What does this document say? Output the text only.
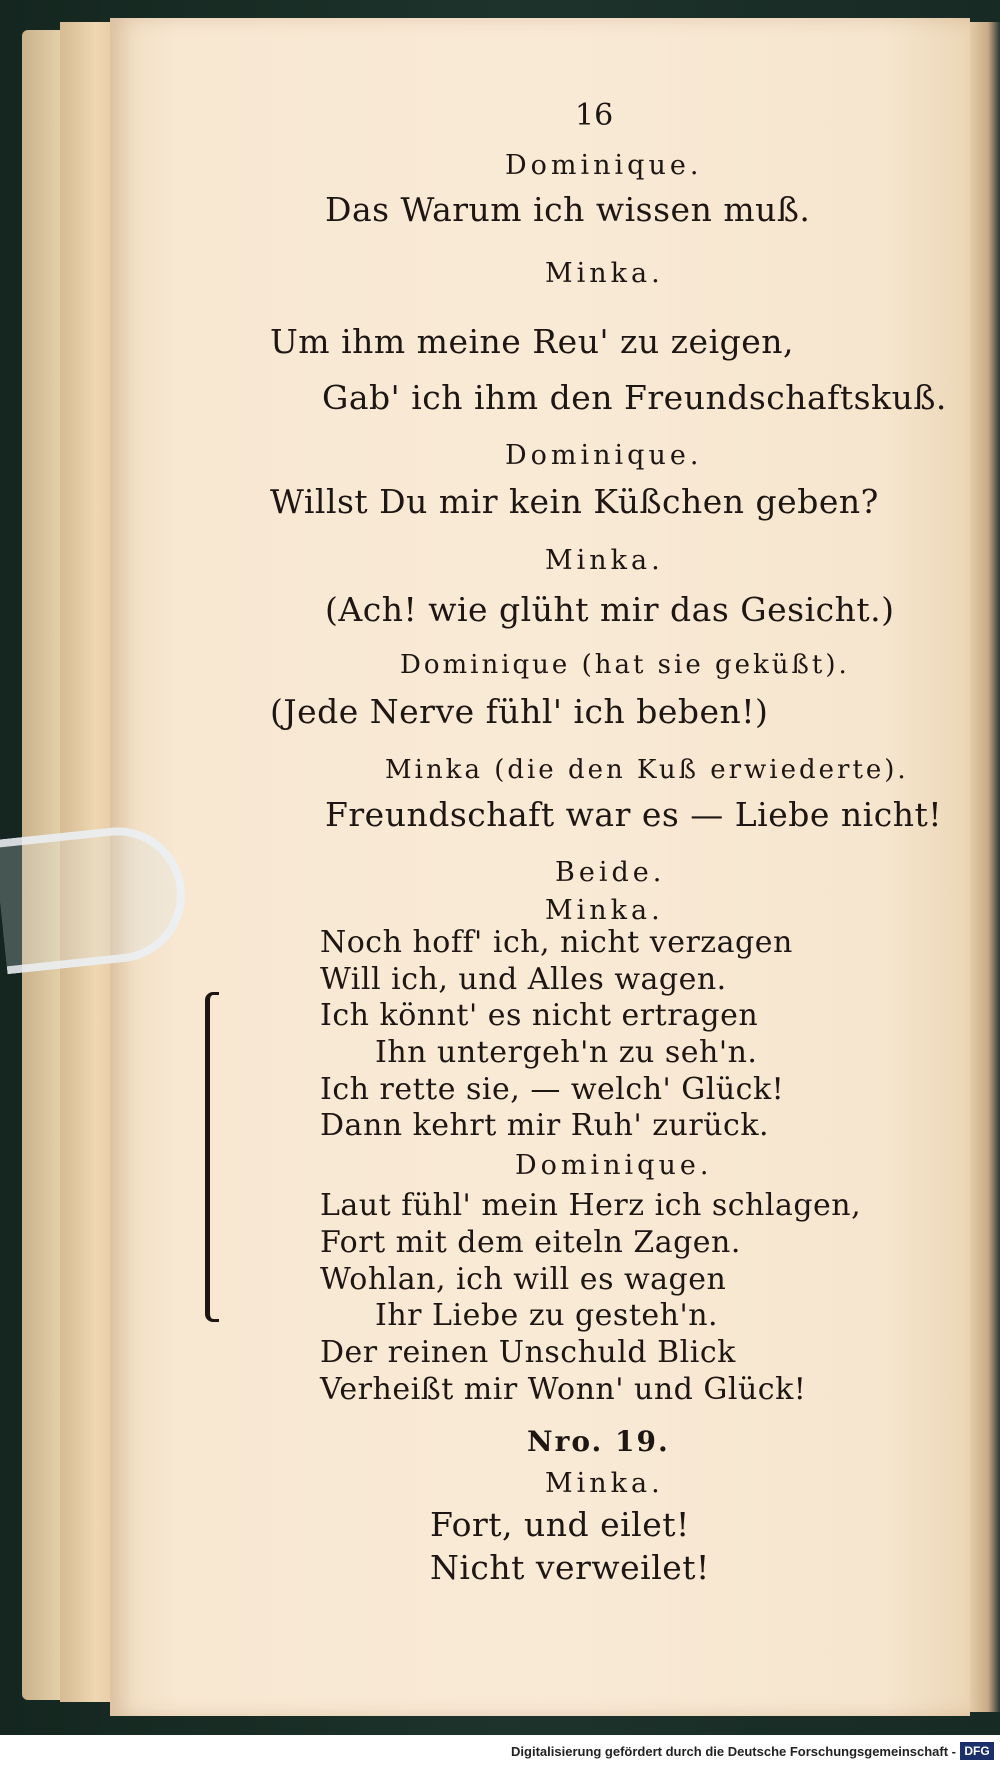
16

Dominique.
Das Warum ich wissen muß.
Minka.
Um ihm meine Reu' zu zeigen,
Gab' ich ihm den Freundschaftskuß.
Dominique.
Willst Du mir kein Küßchen geben?
Minka.
(Ach! wie glüht mir das Gesicht.)
Dominique (hat sie geküßt).
(Jede Nerve fühl' ich beben!)
Minka (die den Kuß erwiederte).
Freundschaft war es — Liebe nicht!
Beide.
Minka.
Noch hoff' ich, nicht verzagen
Will ich, und Alles wagen.
Ich könnt' es nicht ertragen
Ihn untergeh'n zu seh'n.
Ich rette sie, — welch' Glück!
Dann kehrt mir Ruh' zurück.
Dominique.
Laut fühl' mein Herz ich schlagen,
Fort mit dem eiteln Zagen.
Wohlan, ich will es wagen
Ihr Liebe zu gesteh'n.
Der reinen Unschuld Blick
Verheißt mir Wonn' und Glück!
Nro. 19.
Minka.
Fort, und eilet!
Nicht verweilet!
Digitalisierung gefördert durch die Deutsche Forschungsgemeinschaft - DFG
